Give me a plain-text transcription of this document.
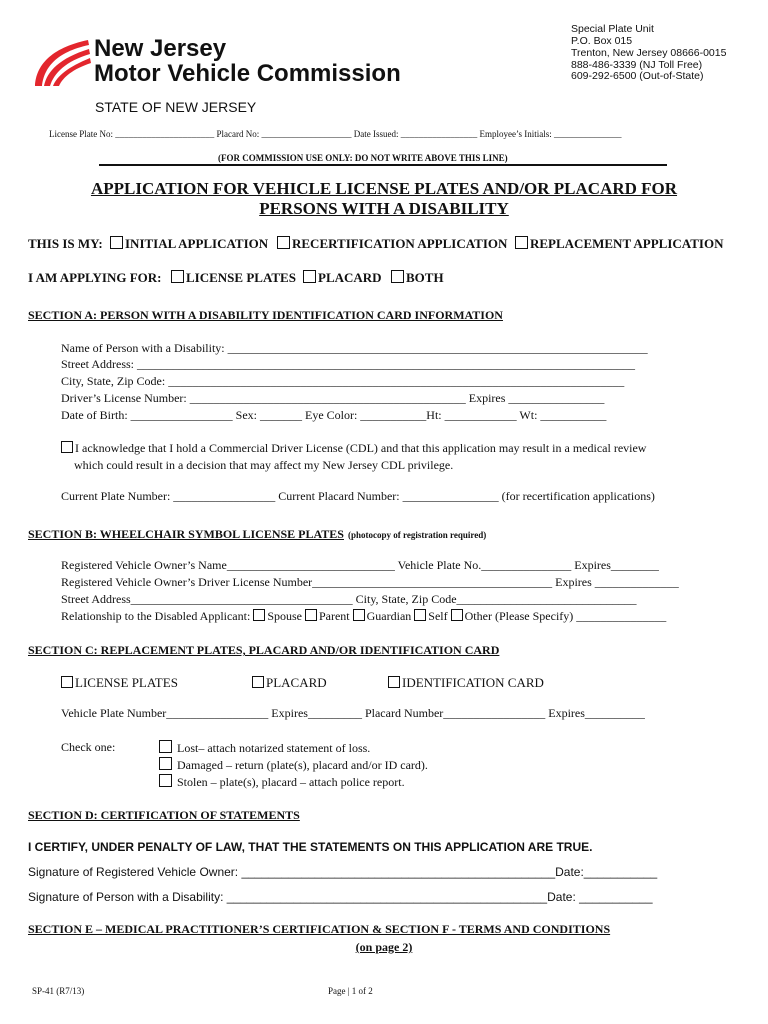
New Jersey
Motor Vehicle Commission
STATE OF NEW JERSEY
Special Plate Unit
P.O. Box 015
Trenton, New Jersey 08666-0015
888-486-3339 (NJ Toll Free)
609-292-6500 (Out-of-State)
License Plate No: ______________________ Placard No: ____________________ Date Issued: _________________ Employee’s Initials: _______________
(FOR COMMISSION USE ONLY: DO NOT WRITE ABOVE THIS LINE)
APPLICATION FOR VEHICLE LICENSE PLATES AND/OR PLACARD FOR
PERSONS WITH A DISABILITY
THIS IS MY:	INITIAL APPLICATION	RECERTIFICATION APPLICATION	REPLACEMENT APPLICATION
I AM APPLYING FOR:	LICENSE PLATES	PLACARD	BOTH
SECTION A: PERSON WITH A DISABILITY IDENTIFICATION CARD INFORMATION
Name of Person with a Disability: ______________________________________________________________________
Street Address: ___________________________________________________________________________________
City, State, Zip Code: ____________________________________________________________________________
Driver’s License Number: ______________________________________________ Expires ________________
Date of Birth: _________________ Sex: _______ Eye Color: ___________Ht: ____________ Wt: ___________
I acknowledge that I hold a Commercial Driver License (CDL) and that this application may result in a medical review
which could result in a decision that may affect my New Jersey CDL privilege.
Current Plate Number: _________________ Current Placard Number: ________________ (for recertification applications)
SECTION B: WHEELCHAIR SYMBOL LICENSE PLATES (photocopy of registration required)
Registered Vehicle Owner’s Name____________________________ Vehicle Plate No._______________ Expires________
Registered Vehicle Owner’s Driver License Number________________________________________ Expires ______________
Street Address_____________________________________ City, State, Zip Code______________________________
Relationship to the Disabled Applicant: Spouse Parent Guardian Self Other (Please Specify) _______________
SECTION C: REPLACEMENT PLATES, PLACARD AND/OR IDENTIFICATION CARD
LICENSE PLATES	PLACARD	IDENTIFICATION CARD
Vehicle Plate Number_________________ Expires_________ Placard Number_________________ Expires__________
Check one:	Lost– attach notarized statement of loss.
Damaged – return (plate(s), placard and/or ID card).
Stolen – plate(s), placard – attach police report.
SECTION D: CERTIFICATION OF STATEMENTS
I CERTIFY, UNDER PENALTY OF LAW, THAT THE STATEMENTS ON THIS APPLICATION ARE TRUE.
Signature of Registered Vehicle Owner: _______________________________________________Date:___________
Signature of Person with a Disability: ________________________________________________Date: ___________
SECTION E – MEDICAL PRACTITIONER’S CERTIFICATION & SECTION F - TERMS AND CONDITIONS
(on page 2)
SP-41 (R7/13)	Page | 1 of 2
